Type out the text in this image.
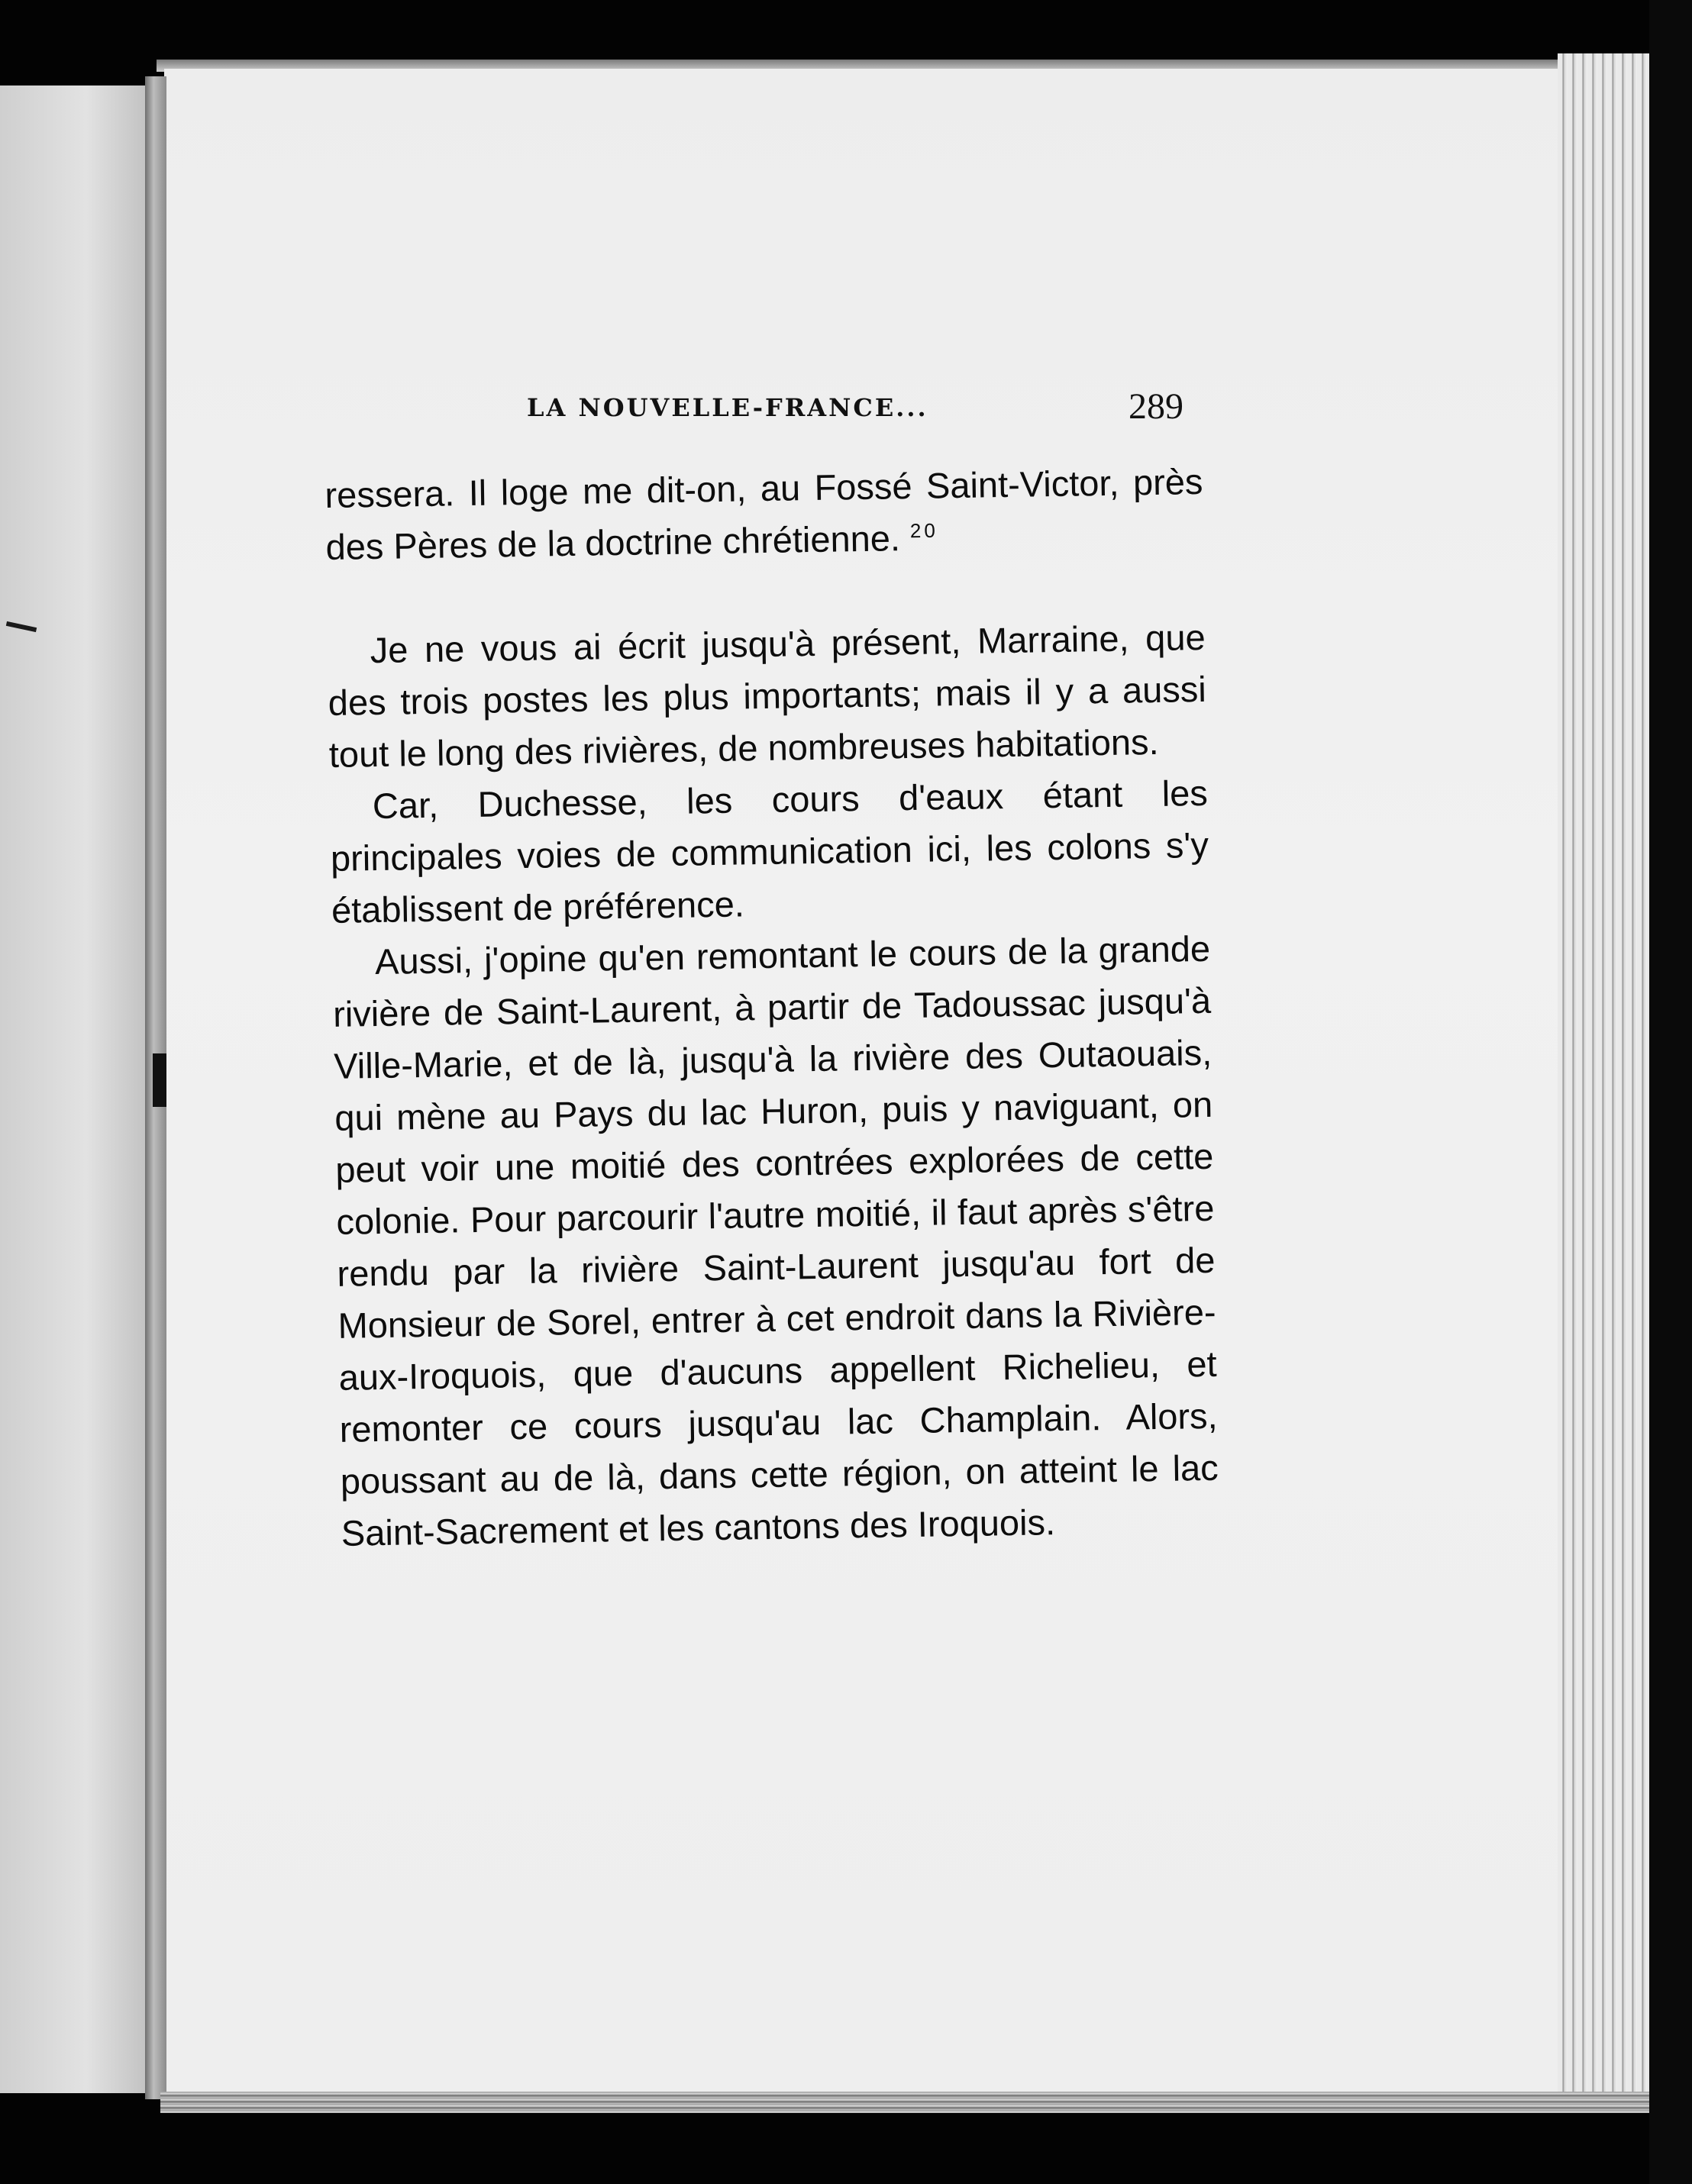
LA NOUVELLE-FRANCE...	289

ressera. Il loge me dit-on, au Fossé Saint-Victor, près des Pères de la doctrine chrétienne. $^{20}$

Je ne vous ai écrit jusqu'à présent, Marraine, que des trois postes les plus importants; mais il y a aussi tout le long des rivières, de nombreuses habitations.

Car, Duchesse, les cours d'eaux étant les principales voies de communication ici, les colons s'y établissent de préférence.

Aussi, j'opine qu'en remontant le cours de la grande rivière de Saint-Laurent, à partir de Tadoussac jusqu'à Ville-Marie, et de là, jusqu'à la rivière des Outaouais, qui mène au Pays du lac Huron, puis y naviguant, on peut voir une moitié des contrées explorées de cette colonie. Pour parcourir l'autre moitié, il faut après s'être rendu par la rivière Saint-Laurent jusqu'au fort de Monsieur de Sorel, entrer à cet endroit dans la Rivière-aux-Iroquois, que d'aucuns appellent Richelieu, et remonter ce cours jusqu'au lac Champlain. Alors, poussant au de là, dans cette région, on atteint le lac Saint-Sacrement et les cantons des Iroquois.
